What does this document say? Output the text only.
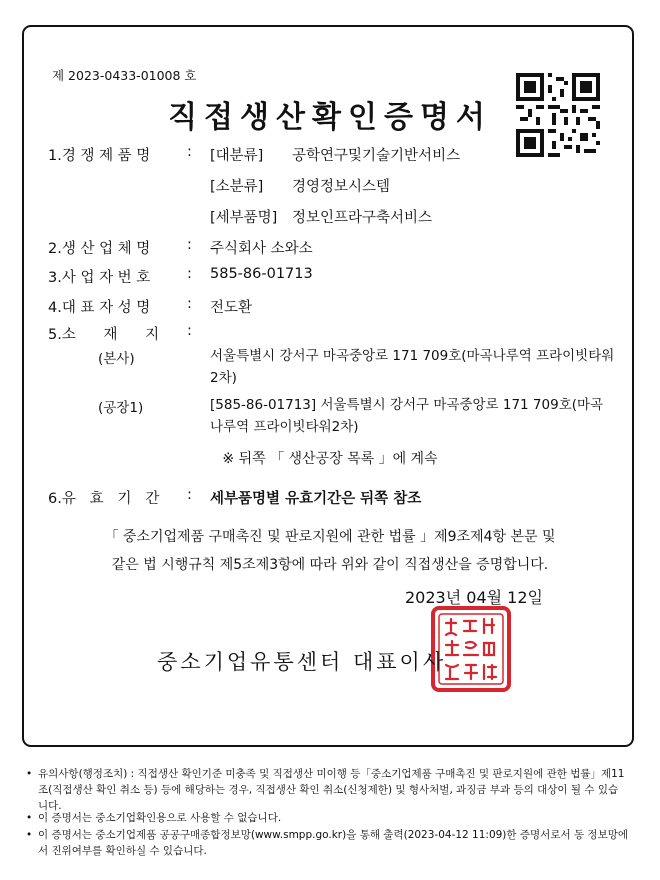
제 2023-0433-01008 호
직접생산확인증명서
1.경 쟁 제 품 명	: [대분류] 공학연구및기술기반서비스
[소분류] 경영정보시스템
[세부품명] 정보인프라구축서비스
2.생 산 업 체 명	: 주식회사 소와소
3.사 업 자 번 호	: 585-86-01713
4.대 표 자 성 명	: 전도환
5.소      재      지 :
(본사)	서울특별시 강서구 마곡중앙로 171 709호(마곡나루역 프라이빗타워2차)
(공장1)	[585-86-01713] 서울특별시 강서구 마곡중앙로 171 709호(마곡나루역 프라이빗타워2차)
※ 뒤쪽 「 생산공장 목록 」에 계속
6.유   효   기   간 : 세부품명별 유효기간은 뒤쪽 참조
「 중소기업제품 구매촉진 및 판로지원에 관한 법률 」제9조제4항 본문 및
같은 법 시행규칙 제5조제3항에 따라 위와 같이 직접생산을 증명합니다.
2023년 04월 12일
중소기업유통센터 대표이사
• 유의사항(행정조치) : 직접생산 확인기준 미충족 및 직접생산 미이행 등「중소기업제품 구매촉진 및 판로지원에 관한 법률」제11조(직접생산 확인 취소 등) 등에 해당하는 경우, 직접생산 확인 취소(신청제한) 및 형사처벌, 과징금 부과 등의 대상이 될 수 있습니다.
• 이 증명서는 중소기업확인용으로 사용할 수 없습니다.
• 이 증명서는 중소기업제품 공공구매종합정보망(www.smpp.go.kr)을 통해 출력(2023-04-12 11:09)한 증명서로서 동 정보망에서 진위여부를 확인하실 수 있습니다.
